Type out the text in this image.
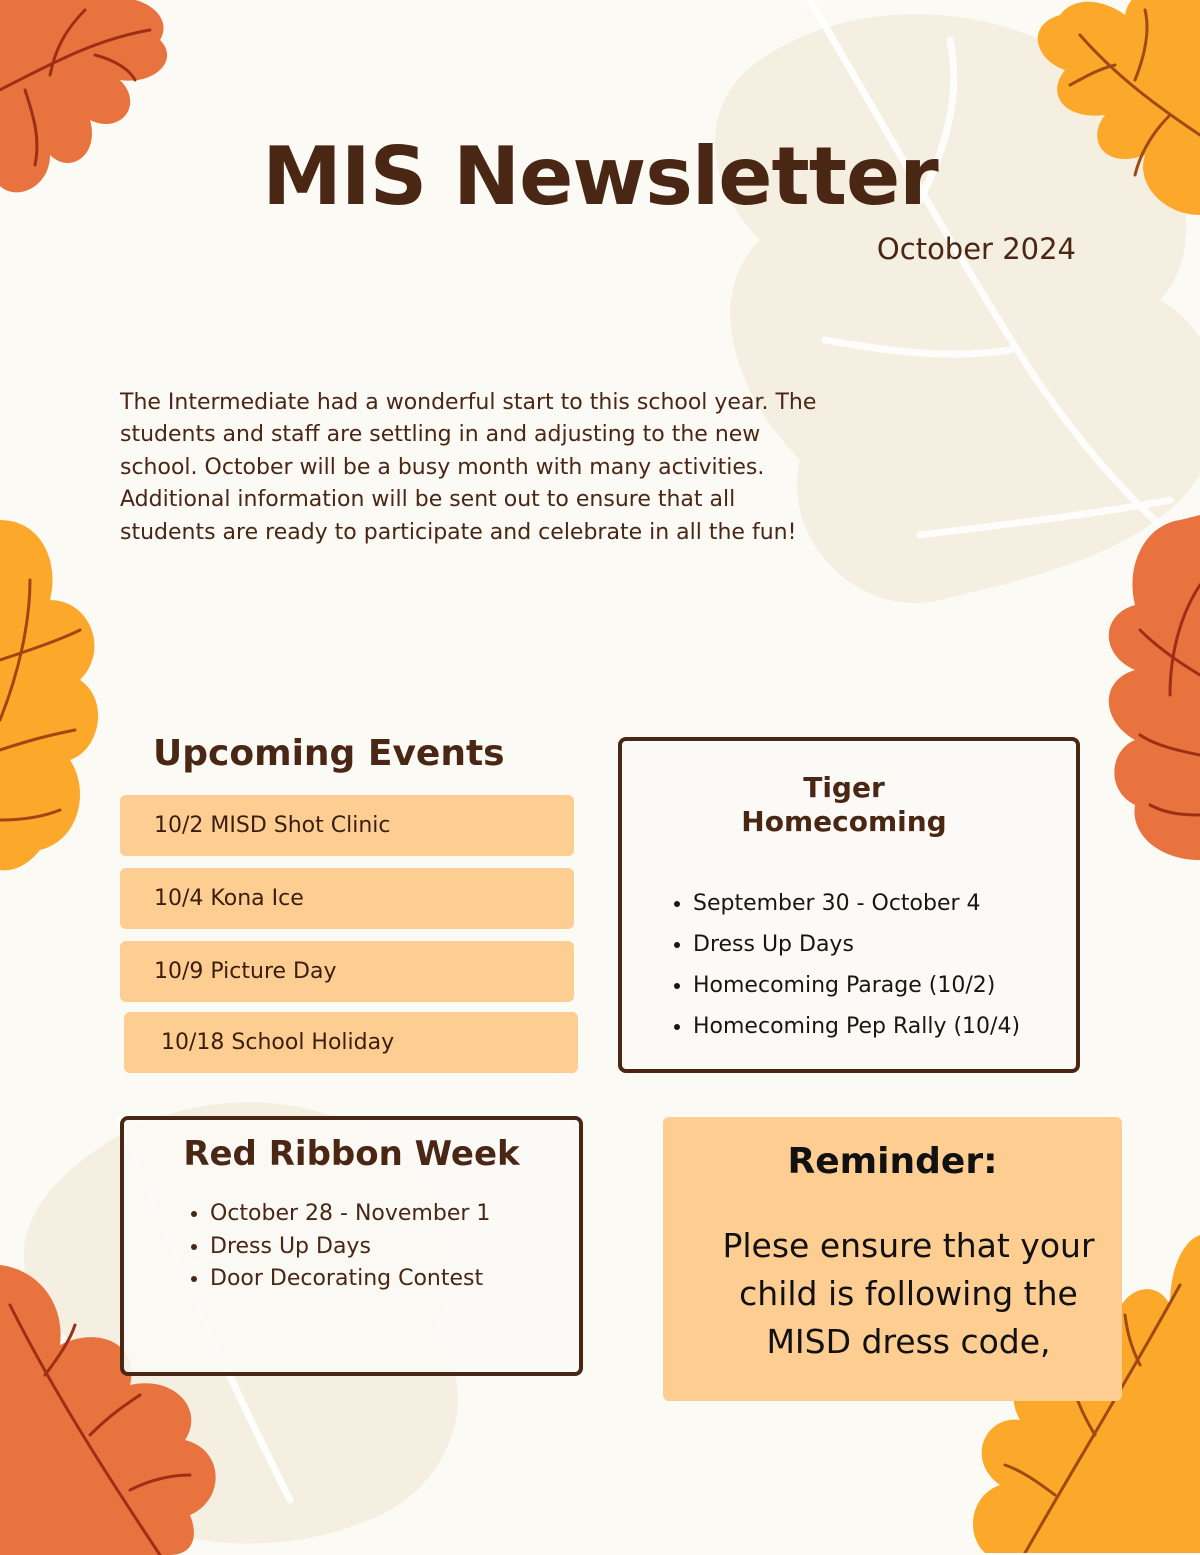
MIS Newsletter
October 2024

The Intermediate had a wonderful start to this school year. The students and staff are settling in and adjusting to the new school. October will be a busy month with many activities. Additional information will be sent out to ensure that all students are ready to participate and celebrate in all the fun!

Upcoming Events
10/2 MISD Shot Clinic
10/4 Kona Ice
10/9 Picture Day
10/18 School Holiday
Tiger
Homecoming
• September 30 - October 4
• Dress Up Days
• Homecoming Parage (10/2)
• Homecoming Pep Rally (10/4)
Red Ribbon Week
• October 28 - November 1
• Dress Up Days
• Door Decorating Contest
Reminder:

Plese ensure that your
child is following the
MISD dress code,
